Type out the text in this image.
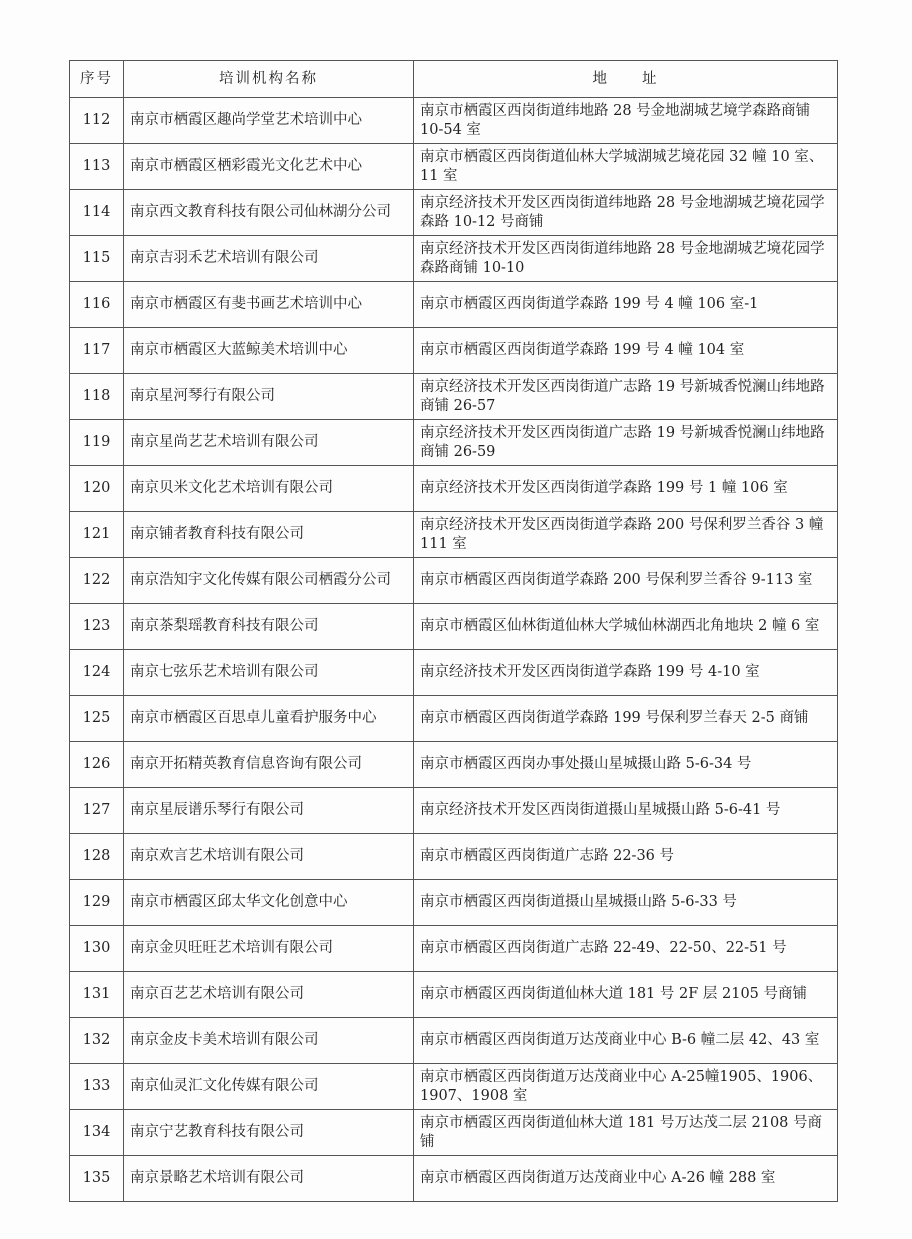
序号	培训机构名称	地　　址
112	南京市栖霞区趣尚学堂艺术培训中心	南京市栖霞区西岗街道纬地路 28 号金地湖城艺境学森路商铺 10-54 室
113	南京市栖霞区栖彩霞光文化艺术中心	南京市栖霞区西岗街道仙林大学城湖城艺境花园 32 幢 10 室、11 室
114	南京西文教育科技有限公司仙林湖分公司	南京经济技术开发区西岗街道纬地路 28 号金地湖城艺境花园学森路 10-12 号商铺
115	南京吉羽禾艺术培训有限公司	南京经济技术开发区西岗街道纬地路 28 号金地湖城艺境花园学森路商铺 10-10
116	南京市栖霞区有斐书画艺术培训中心	南京市栖霞区西岗街道学森路 199 号 4 幢 106 室-1
117	南京市栖霞区大蓝鲸美术培训中心	南京市栖霞区西岗街道学森路 199 号 4 幢 104 室
118	南京星河琴行有限公司	南京经济技术开发区西岗街道广志路 19 号新城香悦澜山纬地路商铺 26-57
119	南京星尚艺艺术培训有限公司	南京经济技术开发区西岗街道广志路 19 号新城香悦澜山纬地路商铺 26-59
120	南京贝米文化艺术培训有限公司	南京经济技术开发区西岗街道学森路 199 号 1 幢 106 室
121	南京铺者教育科技有限公司	南京经济技术开发区西岗街道学森路 200 号保利罗兰香谷 3 幢 111 室
122	南京浩知宇文化传媒有限公司栖霞分公司	南京市栖霞区西岗街道学森路 200 号保利罗兰香谷 9-113 室
123	南京茶梨瑶教育科技有限公司	南京市栖霞区仙林街道仙林大学城仙林湖西北角地块 2 幢 6 室
124	南京七弦乐艺术培训有限公司	南京经济技术开发区西岗街道学森路 199 号 4-10 室
125	南京市栖霞区百思卓儿童看护服务中心	南京市栖霞区西岗街道学森路 199 号保利罗兰春天 2-5 商铺
126	南京开拓精英教育信息咨询有限公司	南京市栖霞区西岗办事处摄山星城摄山路 5-6-34 号
127	南京星辰谱乐琴行有限公司	南京经济技术开发区西岗街道摄山星城摄山路 5-6-41 号
128	南京欢言艺术培训有限公司	南京市栖霞区西岗街道广志路 22-36 号
129	南京市栖霞区邱太华文化创意中心	南京市栖霞区西岗街道摄山星城摄山路 5-6-33 号
130	南京金贝旺旺艺术培训有限公司	南京市栖霞区西岗街道广志路 22-49、22-50、22-51 号
131	南京百艺艺术培训有限公司	南京市栖霞区西岗街道仙林大道 181 号 2F 层 2105 号商铺
132	南京金皮卡美术培训有限公司	南京市栖霞区西岗街道万达茂商业中心 B-6 幢二层 42、43 室
133	南京仙灵汇文化传媒有限公司	南京市栖霞区西岗街道万达茂商业中心 A-25幢1905、1906、1907、1908 室
134	南京宁艺教育科技有限公司	南京市栖霞区西岗街道仙林大道 181 号万达茂二层 2108 号商铺
135	南京景略艺术培训有限公司	南京市栖霞区西岗街道万达茂商业中心 A-26 幢 288 室
